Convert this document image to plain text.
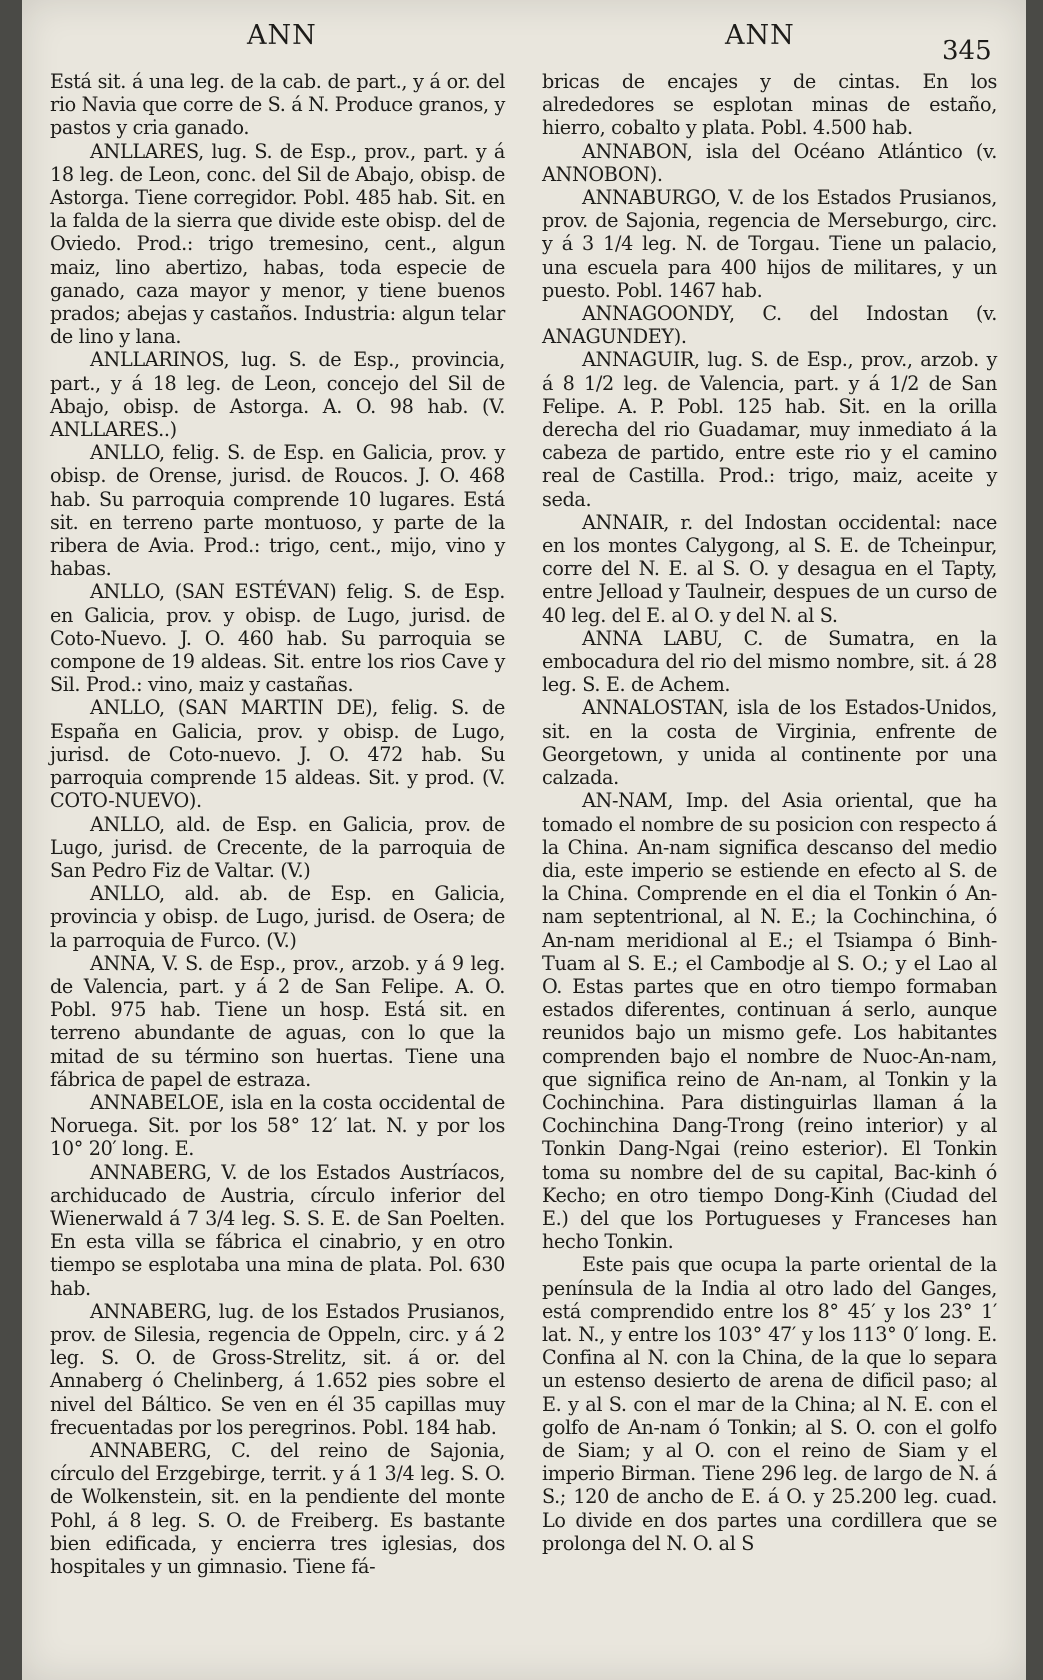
ANN	ANN	345

Está sit. á una leg. de la cab. de part., y á or. del rio Navia que corre de S. á N. Produce granos, y pastos y cria ganado.

ANLLARES, lug. S. de Esp., prov., part. y á 18 leg. de Leon, conc. del Sil de Abajo, obisp. de Astorga. Tiene corregidor. Pobl. 485 hab. Sit. en la falda de la sierra que divide este obisp. del de Oviedo. Prod.: trigo tremesino, cent., algun maiz, lino abertizo, habas, toda especie de ganado, caza mayor y menor, y tiene buenos prados; abejas y castaños. Industria: algun telar de lino y lana.

ANLLARINOS, lug. S. de Esp., provincia, part., y á 18 leg. de Leon, concejo del Sil de Abajo, obisp. de Astorga. A. O. 98 hab. (V. ANLLARES..)

ANLLO, felig. S. de Esp. en Galicia, prov. y obisp. de Orense, jurisd. de Roucos. J. O. 468 hab. Su parroquia comprende 10 lugares. Está sit. en terreno parte montuoso, y parte de la ribera de Avia. Prod.: trigo, cent., mijo, vino y habas.

ANLLO, (SAN ESTÉVAN) felig. S. de Esp. en Galicia, prov. y obisp. de Lugo, jurisd. de Coto-Nuevo. J. O. 460 hab. Su parroquia se compone de 19 aldeas. Sit. entre los rios Cave y Sil. Prod.: vino, maiz y castañas.

ANLLO, (SAN MARTIN DE), felig. S. de España en Galicia, prov. y obisp. de Lugo, jurisd. de Coto-nuevo. J. O. 472 hab. Su parroquia comprende 15 aldeas. Sit. y prod. (V. COTO-NUEVO).

ANLLO, ald. de Esp. en Galicia, prov. de Lugo, jurisd. de Crecente, de la parroquia de San Pedro Fiz de Valtar. (V.)

ANLLO, ald. ab. de Esp. en Galicia, provincia y obisp. de Lugo, jurisd. de Osera; de la parroquia de Furco. (V.)

ANNA, V. S. de Esp., prov., arzob. y á 9 leg. de Valencia, part. y á 2 de San Felipe. A. O. Pobl. 975 hab. Tiene un hosp. Está sit. en terreno abundante de aguas, con lo que la mitad de su término son huertas. Tiene una fábrica de papel de estraza.

ANNABELOE, isla en la costa occidental de Noruega. Sit. por los 58° 12′ lat. N. y por los 10° 20′ long. E.

ANNABERG, V. de los Estados Austríacos, archiducado de Austria, círculo inferior del Wienerwald á 7 3/4 leg. S. S. E. de San Poelten. En esta villa se fábrica el cinabrio, y en otro tiempo se esplotaba una mina de plata. Pol. 630 hab.

ANNABERG, lug. de los Estados Prusianos, prov. de Silesia, regencia de Oppeln, circ. y á 2 leg. S. O. de Gross-Strelitz, sit. á or. del Annaberg ó Chelinberg, á 1.652 pies sobre el nivel del Báltico. Se ven en él 35 capillas muy frecuentadas por los peregrinos. Pobl. 184 hab.

ANNABERG, C. del reino de Sajonia, círculo del Erzgebirge, territ. y á 1 3/4 leg. S. O. de Wolkenstein, sit. en la pendiente del monte Pohl, á 8 leg. S. O. de Freiberg. Es bastante bien edificada, y encierra tres iglesias, dos hospitales y un gimnasio. Tiene fá-

bricas de encajes y de cintas. En los alrededores se esplotan minas de estaño, hierro, cobalto y plata. Pobl. 4.500 hab.

ANNABON, isla del Océano Atlántico (v. ANNOBON).

ANNABURGO, V. de los Estados Prusianos, prov. de Sajonia, regencia de Merseburgo, circ. y á 3 1/4 leg. N. de Torgau. Tiene un palacio, una escuela para 400 hijos de militares, y un puesto. Pobl. 1467 hab.

ANNAGOONDY, C. del Indostan (v. ANAGUNDEY).

ANNAGUIR, lug. S. de Esp., prov., arzob. y á 8 1/2 leg. de Valencia, part. y á 1/2 de San Felipe. A. P. Pobl. 125 hab. Sit. en la orilla derecha del rio Guadamar, muy inmediato á la cabeza de partido, entre este rio y el camino real de Castilla. Prod.: trigo, maiz, aceite y seda.

ANNAIR, r. del Indostan occidental: nace en los montes Calygong, al S. E. de Tcheinpur, corre del N. E. al S. O. y desagua en el Tapty, entre Jelload y Taulneir, despues de un curso de 40 leg. del E. al O. y del N. al S.

ANNA LABU, C. de Sumatra, en la embocadura del rio del mismo nombre, sit. á 28 leg. S. E. de Achem.

ANNALOSTAN, isla de los Estados-Unidos, sit. en la costa de Virginia, enfrente de Georgetown, y unida al continente por una calzada.

AN-NAM, Imp. del Asia oriental, que ha tomado el nombre de su posicion con respecto á la China. An-nam significa descanso del medio dia, este imperio se estiende en efecto al S. de la China. Comprende en el dia el Tonkin ó An-nam septentrional, al N. E.; la Cochinchina, ó An-nam meridional al E.; el Tsiampa ó Binh-Tuam al S. E.; el Cambodje al S. O.; y el Lao al O. Estas partes que en otro tiempo formaban estados diferentes, continuan á serlo, aunque reunidos bajo un mismo gefe. Los habitantes comprenden bajo el nombre de Nuoc-An-nam, que significa reino de An-nam, al Tonkin y la Cochinchina. Para distinguirlas llaman á la Cochinchina Dang-Trong (reino interior) y al Tonkin Dang-Ngai (reino esterior). El Tonkin toma su nombre del de su capital, Bac-kinh ó Kecho; en otro tiempo Dong-Kinh (Ciudad del E.) del que los Portugueses y Franceses han hecho Tonkin.

Este pais que ocupa la parte oriental de la península de la India al otro lado del Ganges, está comprendido entre los 8° 45′ y los 23° 1′ lat. N., y entre los 103° 47′ y los 113° 0′ long. E. Confina al N. con la China, de la que lo separa un estenso desierto de arena de dificil paso; al E. y al S. con el mar de la China; al N. E. con el golfo de An-nam ó Tonkin; al S. O. con el golfo de Siam; y al O. con el reino de Siam y el imperio Birman. Tiene 296 leg. de largo de N. á S.; 120 de ancho de E. á O. y 25.200 leg. cuad. Lo divide en dos partes una cordillera que se prolonga del N. O. al S
